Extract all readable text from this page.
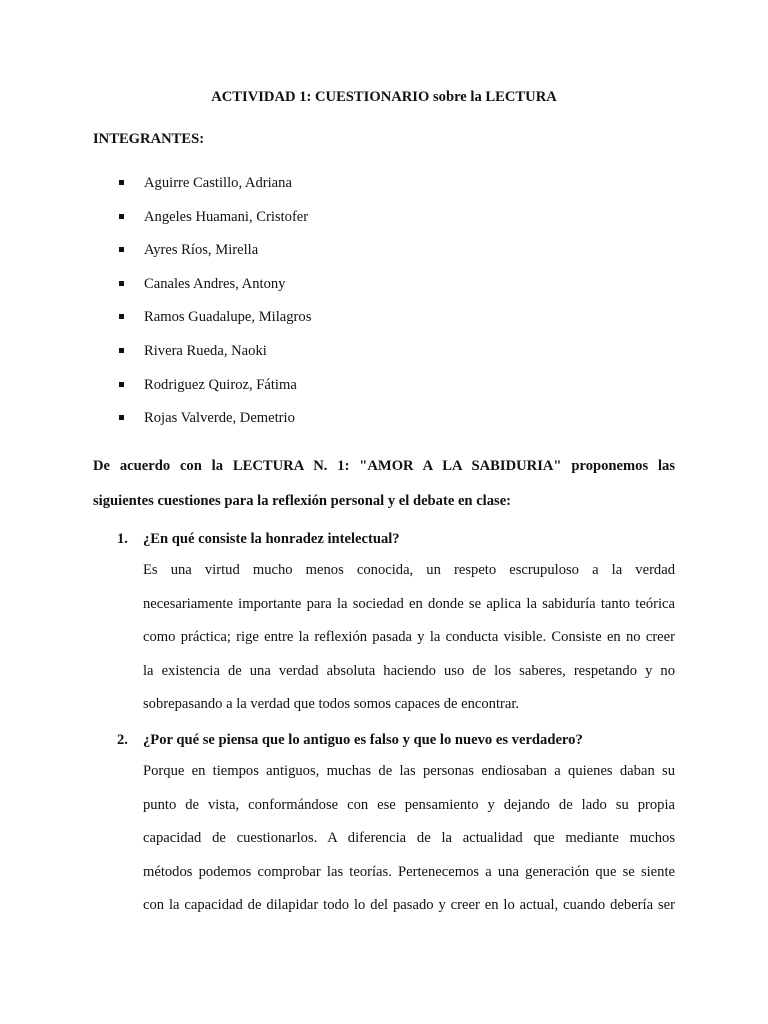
ACTIVIDAD 1: CUESTIONARIO sobre la LECTURA
INTEGRANTES:
Aguirre Castillo, Adriana
Angeles Huamani, Cristofer
Ayres Ríos, Mirella
Canales Andres, Antony
Ramos Guadalupe, Milagros
Rivera Rueda, Naoki
Rodriguez Quiroz, Fátima
Rojas Valverde, Demetrio
De acuerdo con la LECTURA N. 1: "AMOR A LA SABIDURIA" proponemos las
siguientes cuestiones para la reflexión personal y el debate en clase:
1. ¿En qué consiste la honradez intelectual?
Es una virtud mucho menos conocida, un respeto escrupuloso a la verdad
necesariamente importante para la sociedad en donde se aplica la sabiduría tanto teórica
como práctica; rige entre la reflexión pasada y la conducta visible. Consiste en no creer
la existencia de una verdad absoluta haciendo uso de los saberes, respetando y no
sobrepasando a la verdad que todos somos capaces de encontrar.
2. ¿Por qué se piensa que lo antiguo es falso y que lo nuevo es verdadero?
Porque en tiempos antiguos, muchas de las personas endiosaban a quienes daban su
punto de vista, conformándose con ese pensamiento y dejando de lado su propia
capacidad de cuestionarlos. A diferencia de la actualidad que mediante muchos
métodos podemos comprobar las teorías. Pertenecemos a una generación que se siente
con la capacidad de dilapidar todo lo del pasado y creer en lo actual, cuando debería ser
